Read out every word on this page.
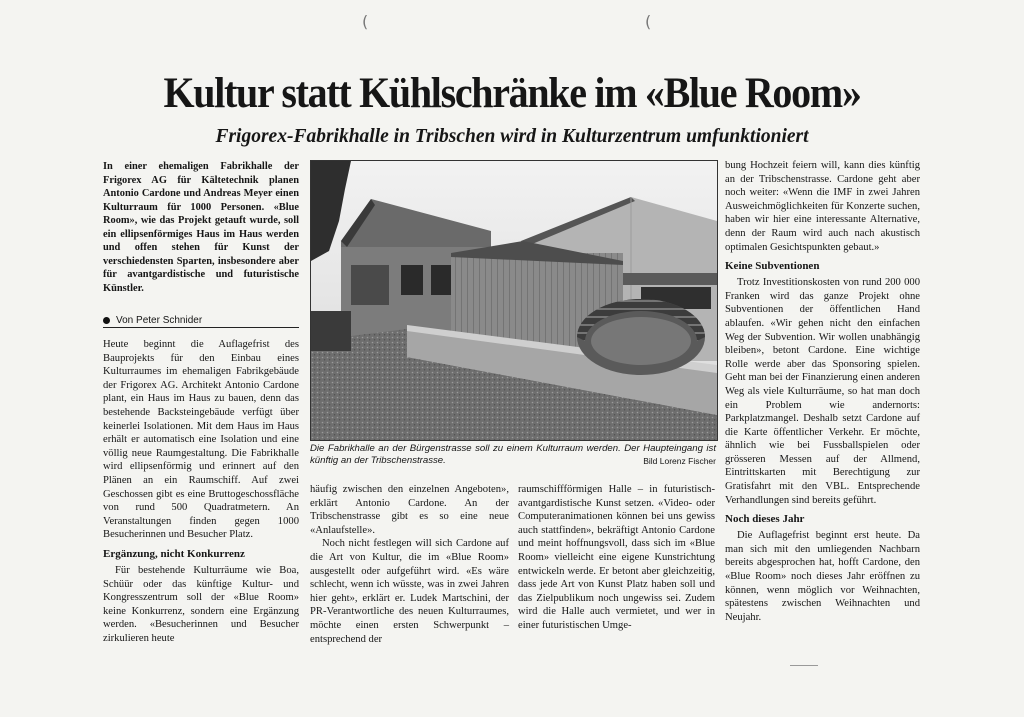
(	(
Kultur statt Kühlschränke im «Blue Room»
Frigorex-Fabrikhalle in Tribschen wird in Kulturzentrum umfunktioniert
In einer ehemaligen Fabrikhalle der Frigorex AG für Kältetechnik planen Antonio Cardone und Andreas Meyer einen Kulturraum für 1000 Personen. «Blue Room», wie das Projekt getauft wurde, soll ein ellipsenförmiges Haus im Haus werden und offen stehen für Kunst der verschiedensten Sparten, insbesondere aber für avantgardistische und futuristische Künstler.
Von Peter Schnider

Heute beginnt die Auflagefrist des Bauprojekts für den Einbau eines Kulturraumes im ehemaligen Fabrikgebäude der Frigorex AG. Architekt Antonio Cardone plant, ein Haus im Haus zu bauen, denn das bestehende Backsteingebäude verfügt über keinerlei Isolationen. Mit dem Haus im Haus erhält er automatisch eine Isolation und eine völlig neue Raumgestaltung. Die Fabrikhalle wird ellipsenförmig und erinnert auf den Plänen an ein Raumschiff. Auf zwei Geschossen gibt es eine Bruttogeschossfläche von rund 500 Quadratmetern. An Veranstaltungen finden gegen 1000 Besucherinnen und Besucher Platz.

Ergänzung, nicht Konkurrenz

Für bestehende Kulturräume wie Boa, Schüür oder das künftige Kultur- und Kongresszentrum soll der «Blue Room» keine Konkurrenz, sondern eine Ergänzung werden. «Besucherinnen und Besucher zirkulieren heute

Die Fabrikhalle an der Bürgenstrasse soll zu einem Kulturraum werden. Der Haupteingang ist künftig an der Tribschenstrasse.	Bild Lorenz Fischer

häufig zwischen den einzelnen Angeboten», erklärt Antonio Cardone. An der Tribschenstrasse gibt es so eine neue «Anlaufstelle».

Noch nicht festlegen will sich Cardone auf die Art von Kultur, die im «Blue Room» ausgestellt oder aufgeführt wird. «Es wäre schlecht, wenn ich wüsste, was in zwei Jahren hier geht», erklärt er. Ludek Martschini, der PR-Verantwortliche des neuen Kulturraumes, möchte einen ersten Schwerpunkt – entsprechend der

raumschiffförmigen Halle – in futuristisch-avantgardistische Kunst setzen. «Video- oder Computeranimationen können bei uns gewiss auch stattfinden», bekräftigt Antonio Cardone und meint hoffnungsvoll, dass sich im «Blue Room» vielleicht eine eigene Kunstrichtung entwickeln werde. Er betont aber gleichzeitig, dass jede Art von Kunst Platz haben soll und das Zielpublikum noch ungewiss sei. Zudem wird die Halle auch vermietet, und wer in einer futuristischen Umge-

bung Hochzeit feiern will, kann dies künftig an der Tribschenstrasse. Cardone geht aber noch weiter: «Wenn die IMF in zwei Jahren Ausweichmöglichkeiten für Konzerte suchen, haben wir hier eine interessante Alternative, denn der Raum wird auch nach akustisch optimalen Gesichtspunkten gebaut.»

Keine Subventionen

Trotz Investitionskosten von rund 200 000 Franken wird das ganze Projekt ohne Subventionen der öffentlichen Hand ablaufen. «Wir gehen nicht den einfachen Weg der Subvention. Wir wollen unabhängig bleiben», betont Cardone. Eine wichtige Rolle werde aber das Sponsoring spielen. Geht man bei der Finanzierung einen anderen Weg als viele Kulturräume, so hat man doch ein Problem wie andernorts: Parkplatzmangel. Deshalb setzt Cardone auf die Karte öffentlicher Verkehr. Er möchte, ähnlich wie bei Fussballspielen oder grösseren Messen auf der Allmend, Eintrittskarten mit Berechtigung zur Gratisfahrt mit den VBL. Entsprechende Verhandlungen sind bereits geführt.

Noch dieses Jahr

Die Auflagefrist beginnt erst heute. Da man sich mit den umliegenden Nachbarn bereits abgesprochen hat, hofft Cardone, den «Blue Room» noch dieses Jahr eröffnen zu können, wenn möglich vor Weihnachten, spätestens zwischen Weihnachten und Neujahr.
